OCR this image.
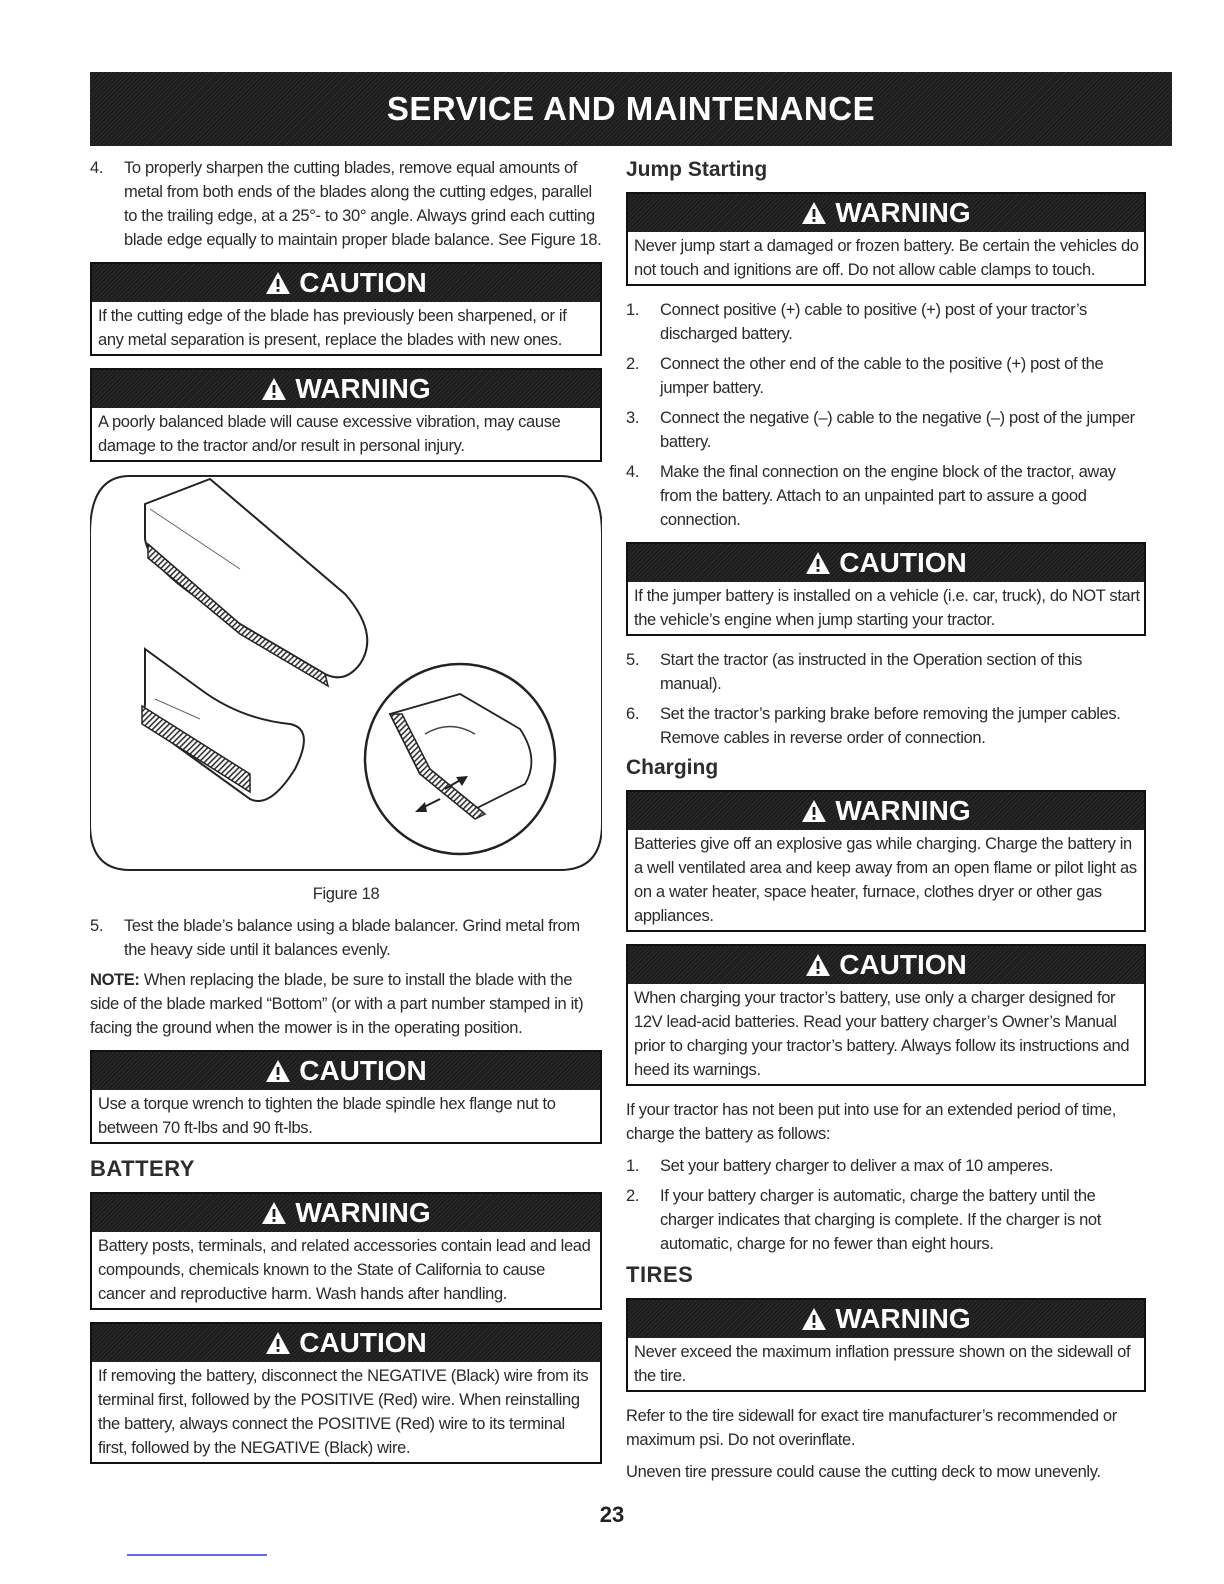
SERVICE AND MAINTENANCE
4.	To properly sharpen the cutting blades, remove equal amounts of metal from both ends of the blades along the cutting edges, parallel to the trailing edge, at a 25°- to 30° angle. Always grind each cutting blade edge equally to maintain proper blade balance. See Figure 18.
CAUTION
If the cutting edge of the blade has previously been sharpened, or if any metal separation is present, replace the blades with new ones.
WARNING
A poorly balanced blade will cause excessive vibration, may cause damage to the tractor and/or result in personal injury.
Figure 18
5.	Test the blade’s balance using a blade balancer. Grind metal from the heavy side until it balances evenly.

NOTE: When replacing the blade, be sure to install the blade with the side of the blade marked “Bottom” (or with a part number stamped in it) facing the ground when the mower is in the operating position.

CAUTION
Use a torque wrench to tighten the blade spindle hex flange nut to between 70 ft-lbs and 90 ft-lbs.
BATTERY
WARNING
Battery posts, terminals, and related accessories contain lead and lead compounds, chemicals known to the State of California to cause cancer and reproductive harm. Wash hands after handling.
CAUTION
If removing the battery, disconnect the NEGATIVE (Black) wire from its terminal first, followed by the POSITIVE (Red) wire. When reinstalling the battery, always connect the POSITIVE (Red) wire to its terminal first, followed by the NEGATIVE (Black) wire.
Jump Starting
WARNING
Never jump start a damaged or frozen battery. Be certain the vehicles do not touch and ignitions are off. Do not allow cable clamps to touch.
1.	Connect positive (+) cable to positive (+) post of your tractor’s discharged battery.
2.	Connect the other end of the cable to the positive (+) post of the jumper battery.
3.	Connect the negative (–) cable to the negative (–) post of the jumper battery.
4.	Make the final connection on the engine block of the tractor, away from the battery. Attach to an unpainted part to assure a good connection.
CAUTION
If the jumper battery is installed on a vehicle (i.e. car, truck), do NOT start the vehicle’s engine when jump starting your tractor.
5.	Start the tractor (as instructed in the Operation section of this manual).
6.	Set the tractor’s parking brake before removing the jumper cables. Remove cables in reverse order of connection.
Charging
WARNING
Batteries give off an explosive gas while charging. Charge the battery in a well ventilated area and keep away from an open flame or pilot light as on a water heater, space heater, furnace, clothes dryer or other gas appliances.
CAUTION
When charging your tractor’s battery, use only a charger designed for 12V lead-acid batteries. Read your battery charger’s Owner’s Manual prior to charging your tractor’s battery. Always follow its instructions and heed its warnings.

If your tractor has not been put into use for an extended period of time, charge the battery as follows:

1.	Set your battery charger to deliver a max of 10 amperes.
2.	If your battery charger is automatic, charge the battery until the charger indicates that charging is complete. If the charger is not automatic, charge for no fewer than eight hours.
TIRES
WARNING
Never exceed the maximum inflation pressure shown on the sidewall of the tire.

Refer to the tire sidewall for exact tire manufacturer’s recommended or maximum psi. Do not overinflate.

Uneven tire pressure could cause the cutting deck to mow unevenly.

23
